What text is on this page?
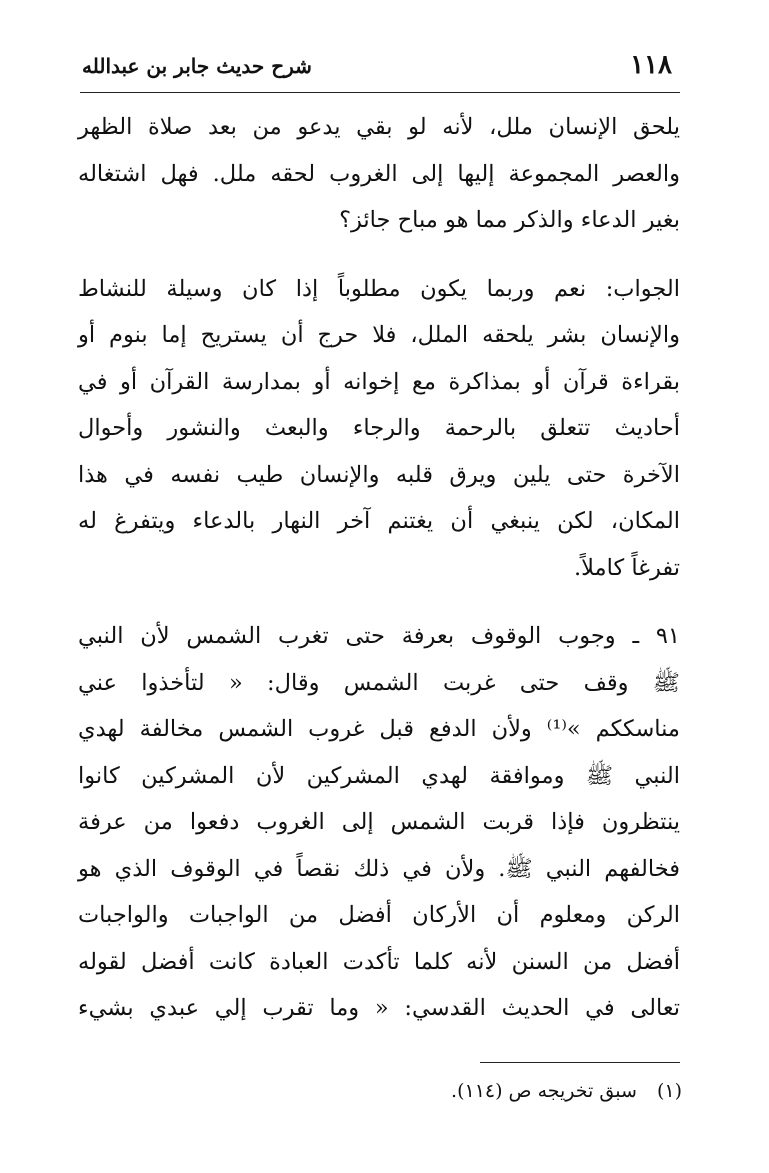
١١٨
شرح حديث جابر بن عبدالله
يلحق الإنسان ملل، لأنه لو بقي يدعو من بعد صلاة الظهر
والعصر المجموعة إليها إلى الغروب لحقه ملل. فهل اشتغاله
بغير الدعاء والذكر مما هو مباح جائز؟
الجواب: نعم وربما يكون مطلوباً إذا كان وسيلة للنشاط
والإنسان بشر يلحقه الملل، فلا حرج أن يستريح إما بنوم أو
بقراءة قرآن أو بمذاكرة مع إخوانه أو بمدارسة القرآن أو في
أحاديث تتعلق بالرحمة والرجاء والبعث والنشور وأحوال
الآخرة حتى يلين ويرق قلبه والإنسان طيب نفسه في هذا
المكان، لكن ينبغي أن يغتنم آخر النهار بالدعاء ويتفرغ له
تفرغاً كاملاً.
٩١ ـ وجوب الوقوف بعرفة حتى تغرب الشمس لأن النبي
ﷺ وقف حتى غربت الشمس وقال: « لتأخذوا عني
مناسككم »⁽¹⁾ ولأن الدفع قبل غروب الشمس مخالفة لهدي
النبي ﷺ وموافقة لهدي المشركين لأن المشركين كانوا
ينتظرون فإذا قربت الشمس إلى الغروب دفعوا من عرفة
فخالفهم النبي ﷺ. ولأن في ذلك نقصاً في الوقوف الذي هو
الركن ومعلوم أن الأركان أفضل من الواجبات والواجبات
أفضل من السنن لأنه كلما تأكدت العبادة كانت أفضل لقوله
تعالى في الحديث القدسي: « وما تقرب إلي عبدي بشيء
(١) سبق تخريجه ص (١١٤).
